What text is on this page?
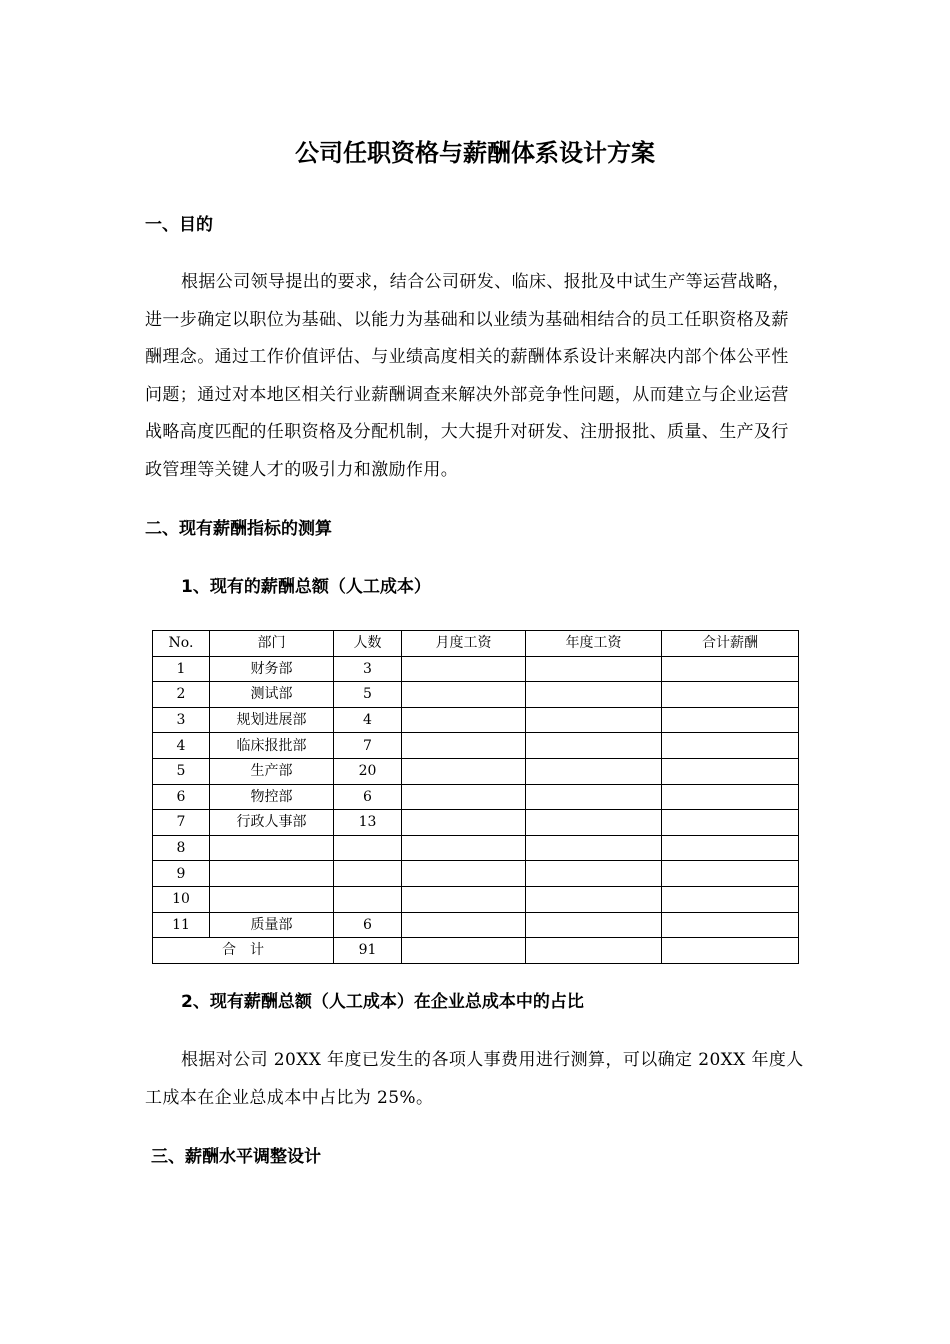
公司任职资格与薪酬体系设计方案
一、目的

根据公司领导提出的要求，结合公司研发、临床、报批及中试生产等运营战略，进一步确定以职位为基础、以能力为基础和以业绩为基础相结合的员工任职资格及薪酬理念。通过工作价值评估、与业绩高度相关的薪酬体系设计来解决内部个体公平性问题；通过对本地区相关行业薪酬调查来解决外部竞争性问题，从而建立与企业运营战略高度匹配的任职资格及分配机制，大大提升对研发、注册报批、质量、生产及行政管理等关键人才的吸引力和激励作用。

二、现有薪酬指标的测算
1、现有的薪酬总额（人工成本）
No.	部门	人数	月度工资	年度工资	合计薪酬
1	财务部	3			
2	测试部	5			
3	规划进展部	4			
4	临床报批部	7			
5	生产部	20			
6	物控部	6			
7	行政人事部	13			
8					
9					
10					
11	质量部	6			
合　计		91			
2、现有薪酬总额（人工成本）在企业总成本中的占比

根据对公司 20XX 年度已发生的各项人事费用进行测算，可以确定 20XX 年度人工成本在企业总成本中占比为 25%。

三、薪酬水平调整设计
